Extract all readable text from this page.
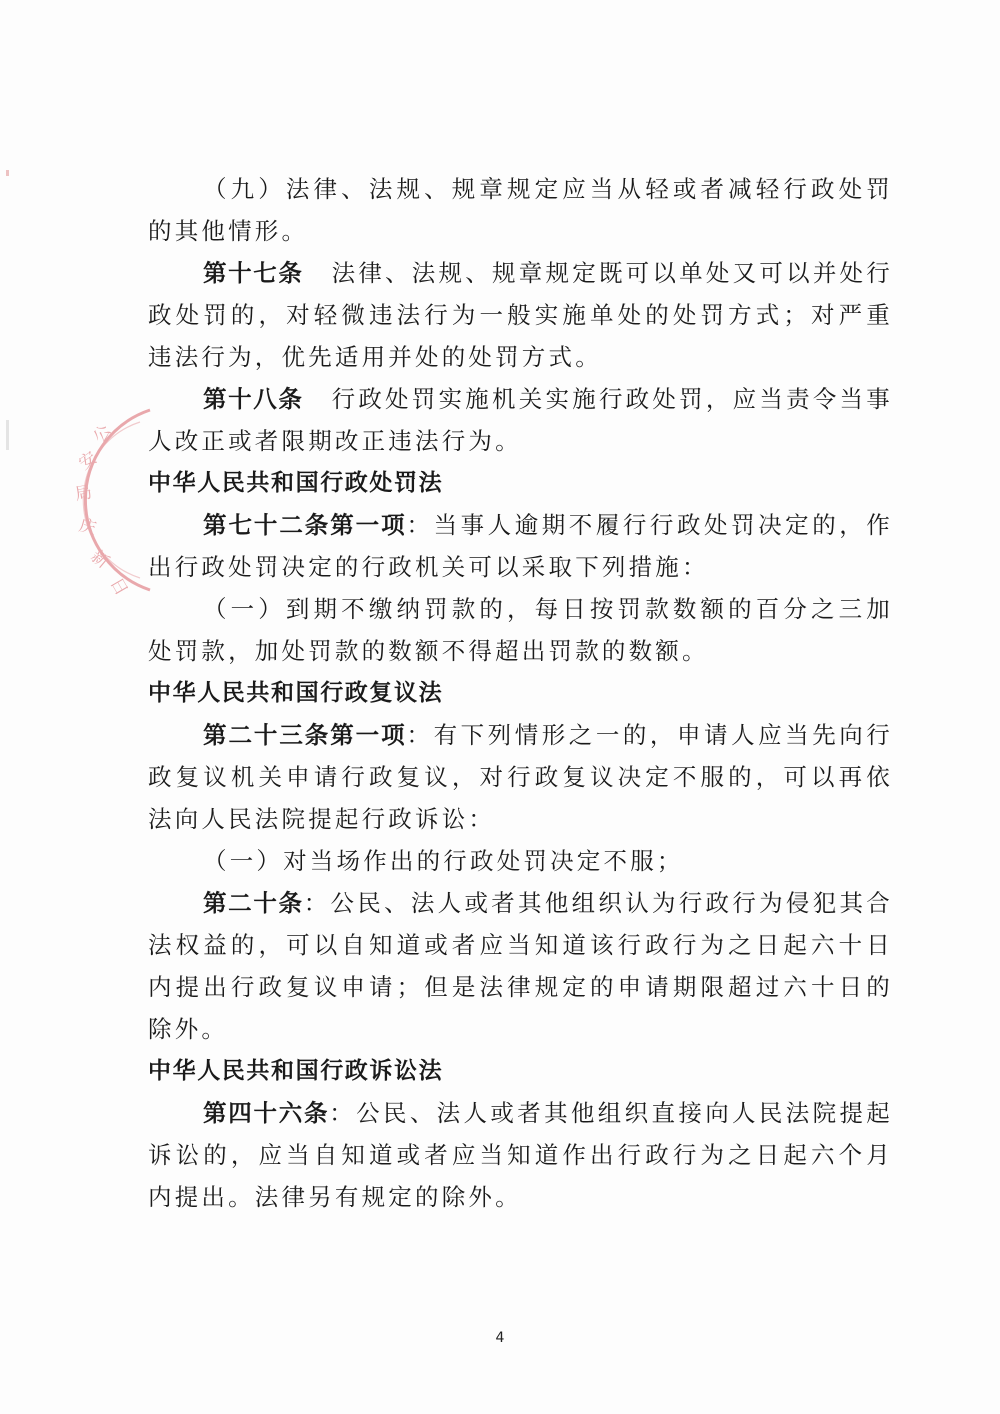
公
安
局
庆
新
日

（九）法律、法规、规章规定应当从轻或者减轻行政处罚的其他情形。

第十七条 法律、法规、规章规定既可以单处又可以并处行政处罚的，对轻微违法行为一般实施单处的处罚方式；对严重违法行为，优先适用并处的处罚方式。

第十八条 行政处罚实施机关实施行政处罚，应当责令当事人改正或者限期改正违法行为。

中华人民共和国行政处罚法

第七十二条第一项：当事人逾期不履行行政处罚决定的，作出行政处罚决定的行政机关可以采取下列措施：

（一）到期不缴纳罚款的，每日按罚款数额的百分之三加处罚款，加处罚款的数额不得超出罚款的数额。

中华人民共和国行政复议法

第二十三条第一项：有下列情形之一的，申请人应当先向行政复议机关申请行政复议，对行政复议决定不服的，可以再依法向人民法院提起行政诉讼：

（一）对当场作出的行政处罚决定不服；

第二十条：公民、法人或者其他组织认为行政行为侵犯其合法权益的，可以自知道或者应当知道该行政行为之日起六十日内提出行政复议申请；但是法律规定的申请期限超过六十日的除外。

中华人民共和国行政诉讼法

第四十六条：公民、法人或者其他组织直接向人民法院提起诉讼的，应当自知道或者应当知道作出行政行为之日起六个月内提出。法律另有规定的除外。

4
